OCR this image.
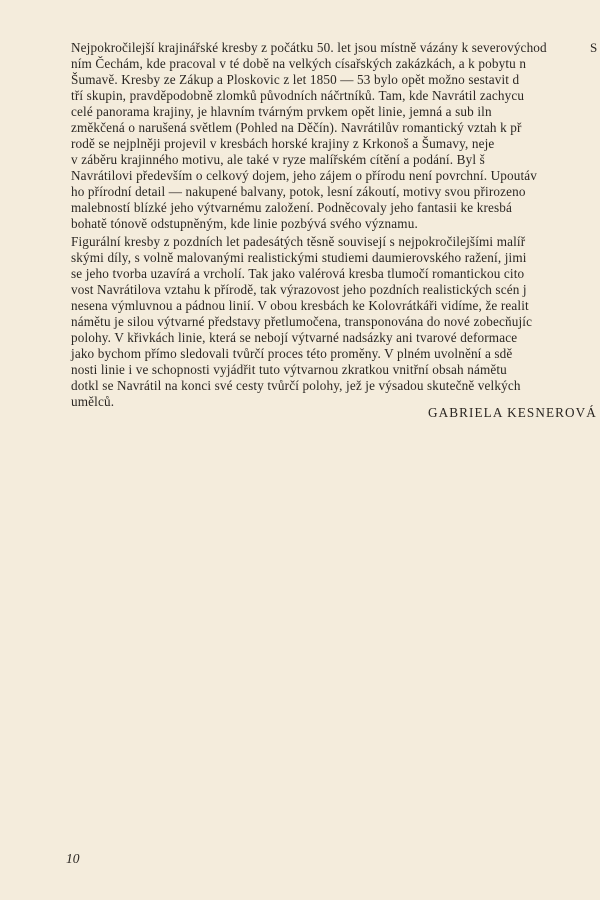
Nejpokročilejší krajinářské kresby z počátku 50. let jsou místně vázány k severovýchod
ním Čechám, kde pracoval v té době na velkých císařských zakázkách, a k pobytu n
Šumavě. Kresby ze Zákup a Ploskovic z let 1850 — 53 bylo opět možno sestavit d
tří skupin, pravděpodobně zlomků původních náčrtníků. Tam, kde Navrátil zachycu
celé panorama krajiny, je hlavním tvárným prvkem opět linie, jemná a sub iln
změkčená o narušená světlem (Pohled na Děčín). Navrátilův romantický vztah k př
rodě se nejplněji projevil v kresbách horské krajiny z Krkonoš a Šumavy, neje
v záběru krajinného motivu, ale také v ryze malířském cítění a podání. Byl š
Navrátilovi především o celkový dojem, jeho zájem o přírodu není povrchní. Upoutáv
ho přírodní detail — nakupené balvany, potok, lesní zákoutí, motivy svou přirozeno
malebností blízké jeho výtvarnému založení. Podněcovaly jeho fantasii ke kresbá
bohatě tónově odstupněným, kde linie pozbývá svého významu.
Figurální kresby z pozdních let padesátých těsně souvisejí s nejpokročilejšími malíř
skými díly, s volně malovanými realistickými studiemi daumierovského ražení, jimi
se jeho tvorba uzavírá a vrcholí. Tak jako valérová kresba tlumočí romantickou cito
vost Navrátilova vztahu k přírodě, tak výrazovost jeho pozdních realistických scén j
nesena výmluvnou a pádnou linií. V obou kresbách ke Kolovrátkáři vidíme, že realit
námětu je silou výtvarné představy přetlumočena, transponována do nové zobecňujíc
polohy. V křivkách linie, která se nebojí výtvarné nadsázky ani tvarové deformace
jako bychom přímo sledovali tvůrčí proces této proměny. V plném uvolnění a sdě
nosti linie i ve schopnosti vyjádřit tuto výtvarnou zkratkou vnitřní obsah námětu
dotkl se Navrátil na konci své cesty tvůrčí polohy, jež je výsadou skutečně velkých
umělců.
S
GABRIELA KESNEROVÁ
10
